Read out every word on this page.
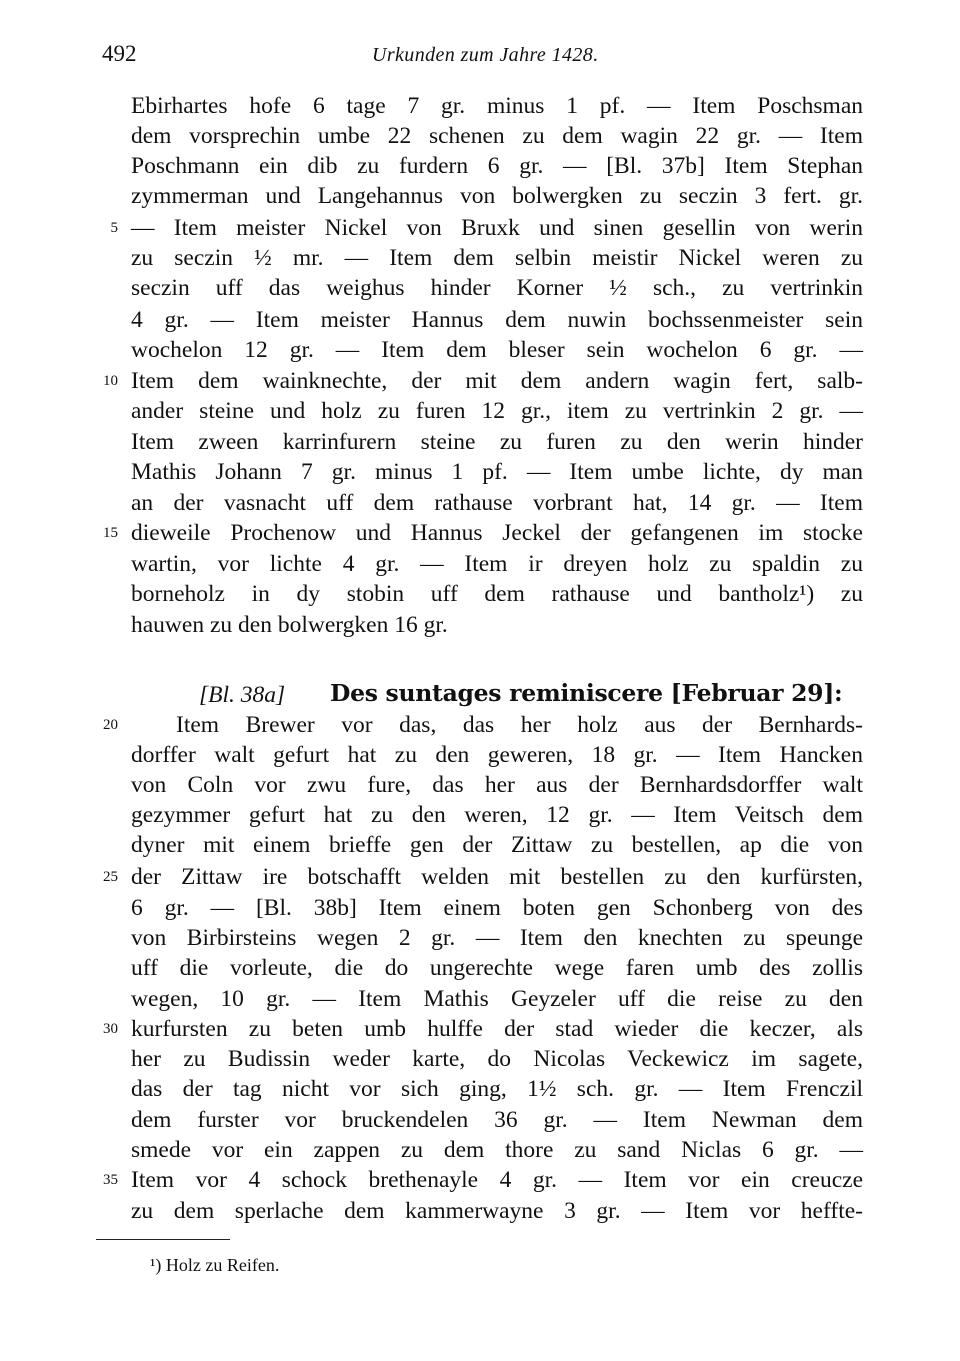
492	Urkunden zum Jahre 1428.
Ebirhartes hofe 6 tage 7 gr. minus 1 pf. — Item Poschsman
dem vorsprechin umbe 22 schenen zu dem wagin 22 gr. — Item
Poschmann ein dib zu furdern 6 gr. — [Bl. 37b] Item Stephan
zymmerman und Langehannus von bolwergken zu seczin 3 fert. gr.
— Item meister Nickel von Bruxk und sinen gesellin von werin
zu seczin ½ mr. — Item dem selbin meistir Nickel weren zu
seczin uff das weighus hinder Korner ½ sch., zu vertrinkin
4 gr. — Item meister Hannus dem nuwin bochssenmeister sein
wochelon 12 gr. — Item dem bleser sein wochelon 6 gr. —
Item dem wainknechte, der mit dem andern wagin fert, salb-
ander steine und holz zu furen 12 gr., item zu vertrinkin 2 gr. —
Item zween karrinfurern steine zu furen zu den werin hinder
Mathis Johann 7 gr. minus 1 pf. — Item umbe lichte, dy man
an der vasnacht uff dem rathause vorbrant hat, 14 gr. — Item
dieweile Prochenow und Hannus Jeckel der gefangenen im stocke
wartin, vor lichte 4 gr. — Item ir dreyen holz zu spaldin zu
borneholz in dy stobin uff dem rathause und bantholz¹) zu
hauwen zu den bolwergken 16 gr.
[Bl. 38a] Des suntages reminiscere [Februar 29]:
Item Brewer vor das, das her holz aus der Bernhards-
dorffer walt gefurt hat zu den geweren, 18 gr. — Item Hancken
von Coln vor zwu fure, das her aus der Bernhardsdorffer walt
gezymmer gefurt hat zu den weren, 12 gr. — Item Veitsch dem
dyner mit einem brieffe gen der Zittaw zu bestellen, ap die von
der Zittaw ire botschafft welden mit bestellen zu den kurfürsten,
6 gr. — [Bl. 38b] Item einem boten gen Schonberg von des
von Birbirsteins wegen 2 gr. — Item den knechten zu speunge
uff die vorleute, die do ungerechte wege faren umb des zollis
wegen, 10 gr. — Item Mathis Geyzeler uff die reise zu den
kurfursten zu beten umb hulffe der stad wieder die keczer, als
her zu Budissin weder karte, do Nicolas Veckewicz im sagete,
das der tag nicht vor sich ging, 1½ sch. gr. — Item Frenczil
dem furster vor bruckendelen 36 gr. — Item Newman dem
smede vor ein zappen zu dem thore zu sand Niclas 6 gr. —
Item vor 4 schock brethenayle 4 gr. — Item vor ein creucze
zu dem sperlache dem kammerwayne 3 gr. — Item vor heffte-
5
10
15
20
25
30
35
¹) Holz zu Reifen.
